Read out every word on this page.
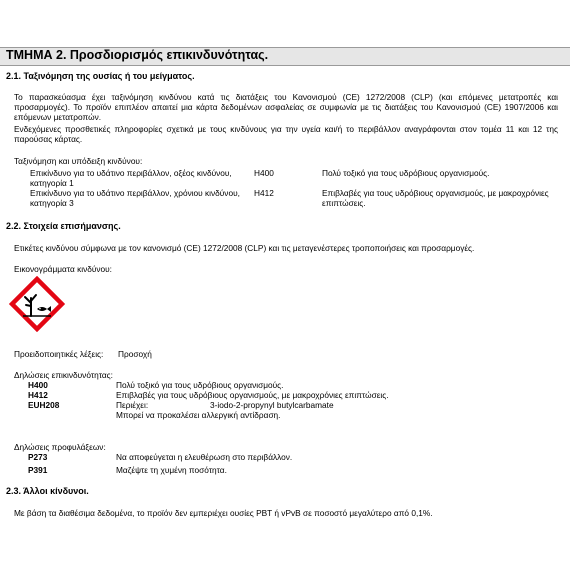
ΤΜΗΜΑ 2. Προσδιορισμός επικινδυνότητας.
2.1. Ταξινόμηση της ουσίας ή του μείγματος.
Το παρασκεύασμα έχει ταξινόμηση κινδύνου κατά τις διατάξεις του Κανονισμού (CE) 1272/2008 (CLP) (και επόμενες μετατροπές και
προσαρμογές). Το προϊόν επιπλέον απαιτεί μια κάρτα δεδομένων ασφαλείας σε συμφωνία με τις διατάξεις του Κανονισμού (CE) 1907/2006 και
επόμενων μετατροπών.
Ενδεχόμενες προσθετικές πληροφορίες σχετικά με τους κινδύνους για την υγεία και/ή το περιβάλλον αναγράφονται στον τομέα 11 και 12 της
παρούσας κάρτας.
Ταξινόμηση και υπόδειξη κινδύνου:
Επικίνδυνο για το υδάτινο περιβάλλον, οξέος κινδύνου,
κατηγορία 1
H400	Πολύ τοξικό για τους υδρόβιους οργανισμούς.
Επικίνδυνο για το υδάτινο περιβάλλον, χρόνιου κινδύνου,
κατηγορία 3
H412	Επιβλαβές για τους υδρόβιους οργανισμούς, με μακροχρόνιες
επιπτώσεις.
2.2. Στοιχεία επισήμανσης.
Ετικέτες κινδύνου σύμφωνα με τον κανονισμό (CE) 1272/2008 (CLP) και τις μεταγενέστερες τροποποιήσεις και προσαρμογές.
Εικονογράμματα κινδύνου:
Προειδοποιητικές λέξεις: Προσοχή
Δηλώσεις επικινδυνότητας:
H400	Πολύ τοξικό για τους υδρόβιους οργανισμούς.
H412	Επιβλαβές για τους υδρόβιους οργανισμούς, με μακροχρόνιες επιπτώσεις.
EUH208	Περιέχει:	3-iodo-2-propynyl butylcarbamate
Μπορεί να προκαλέσει αλλεργική αντίδραση.
Δηλώσεις προφυλάξεων:
P273	Να αποφεύγεται η ελευθέρωση στο περιβάλλον.
P391	Μαζέψτε τη χυμένη ποσότητα.
2.3. Άλλοι κίνδυνοι.
Με βάση τα διαθέσιμα δεδομένα, το προϊόν δεν εμπεριέχει ουσίες PBT ή vPvB σε ποσοστό μεγαλύτερο από 0,1%.
